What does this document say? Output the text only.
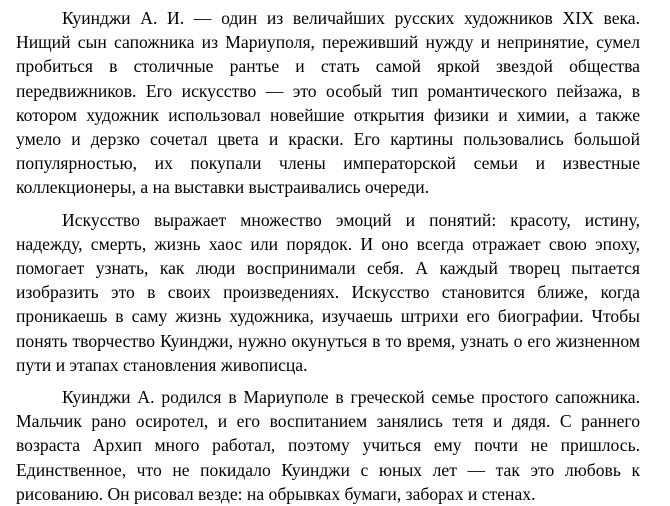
Куинджи А. И. — один из величайших русских художников XIX века. Нищий сын сапожника из Мариуполя, переживший нужду и непринятие, сумел пробиться в столичные рантье и стать самой яркой звездой общества передвижников. Его искусство — это особый тип романтического пейзажа, в котором художник использовал новейшие открытия физики и химии, а также умело и дерзко сочетал цвета и краски. Его картины пользовались большой популярностью, их покупали члены императорской семьи и известные коллекционеры, а на выставки выстраивались очереди.

Искусство выражает множество эмоций и понятий: красоту, истину, надежду, смерть, жизнь хаос или порядок. И оно всегда отражает свою эпоху, помогает узнать, как люди воспринимали себя. А каждый творец пытается изобразить это в своих произведениях. Искусство становится ближе, когда проникаешь в саму жизнь художника, изучаешь штрихи его биографии. Чтобы понять творчество Куинджи, нужно окунуться в то время, узнать о его жизненном пути и этапах становления живописца.

Куинджи А. родился в Мариуполе в греческой семье простого сапожника. Мальчик рано осиротел, и его воспитанием занялись тетя и дядя. С раннего возраста Архип много работал, поэтому учиться ему почти не пришлось. Единственное, что не покидало Куинджи с юных лет — так это любовь к рисованию. Он рисовал везде: на обрывках бумаги, заборах и стенах.
